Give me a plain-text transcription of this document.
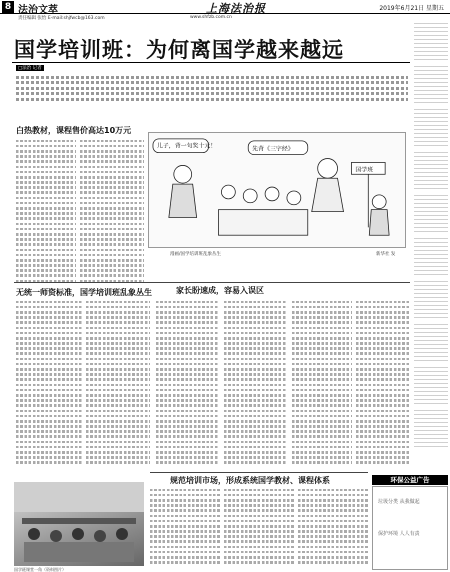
8 法治文萃	上海法治报	2019年6月21日 星期五
责任编辑 张怡 E-mail:shjfwcb@163.com	www.shfzb.com.cn
国学培训班：为何离国学越来越远
□法治 记者
白热教材，课程售价高达10万元
儿子，背一句奖十元！	先背《三字经》
国学班
漫画/国学培训班乱象丛生	新华社 发
无统一师资标准，国学培训班乱象丛生	家长盼速成，容易入误区
规范培训市场，形成系统国学教材、课程体系
国学班课堂一角（资料图片）
环保公益广告
垃圾分类 从我做起
保护环境 人人有责
